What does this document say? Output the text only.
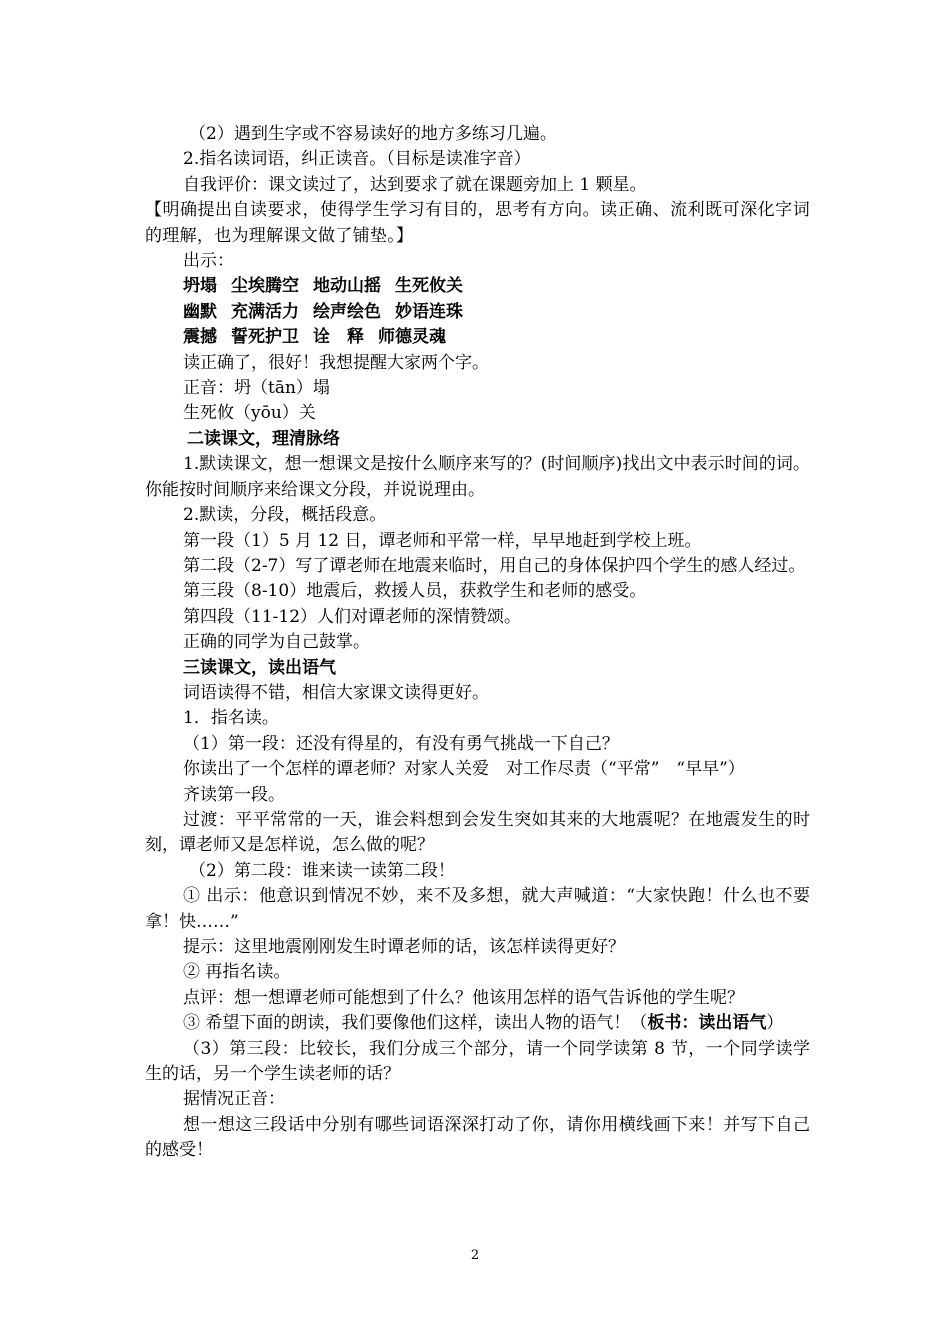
（2）遇到生字或不容易读好的地方多练习几遍。

2.指名读词语，纠正读音。（目标是读准字音）

自我评价：课文读过了，达到要求了就在课题旁加上 1 颗星。

【明确提出自读要求，使得学生学习有目的，思考有方向。读正确、流利既可深化字词的理解，也为理解课文做了铺垫。】

出示：

坍塌 尘埃腾空 地动山摇 生死攸关

幽默 充满活力 绘声绘色 妙语连珠

震撼 誓死护卫 诠　释 师德灵魂

读正确了，很好！我想提醒大家两个字。

正音：坍（tān）塌

生死攸（yōu）关

二读课文，理清脉络

1.默读课文，想一想课文是按什么顺序来写的？(时间顺序)找出文中表示时间的词。你能按时间顺序来给课文分段，并说说理由。

2.默读，分段，概括段意。

第一段（1）5 月 12 日，谭老师和平常一样，早早地赶到学校上班。

第二段（2-7）写了谭老师在地震来临时，用自己的身体保护四个学生的感人经过。

第三段（8-10）地震后，救援人员，获救学生和老师的感受。

第四段（11-12）人们对谭老师的深情赞颂。

正确的同学为自己鼓掌。

三读课文，读出语气

词语读得不错，相信大家课文读得更好。

1．指名读。

（1）第一段：还没有得星的，有没有勇气挑战一下自己？

你读出了一个怎样的谭老师？对家人关爱　对工作尽责（“平常”　“早早”）

齐读第一段。

过渡：平平常常的一天，谁会料想到会发生突如其来的大地震呢？在地震发生的时刻，谭老师又是怎样说，怎么做的呢？

（2）第二段：谁来读一读第二段！

① 出示：他意识到情况不妙，来不及多想，就大声喊道：“大家快跑！什么也不要拿！快……”

提示：这里地震刚刚发生时谭老师的话，该怎样读得更好？

② 再指名读。

点评：想一想谭老师可能想到了什么？他该用怎样的语气告诉他的学生呢？

③ 希望下面的朗读，我们要像他们这样，读出人物的语气！（板书：读出语气）

（3）第三段：比较长，我们分成三个部分，请一个同学读第 8 节，一个同学读学生的话，另一个学生读老师的话？

据情况正音：

想一想这三段话中分别有哪些词语深深打动了你，请你用横线画下来！并写下自己的感受！

2
